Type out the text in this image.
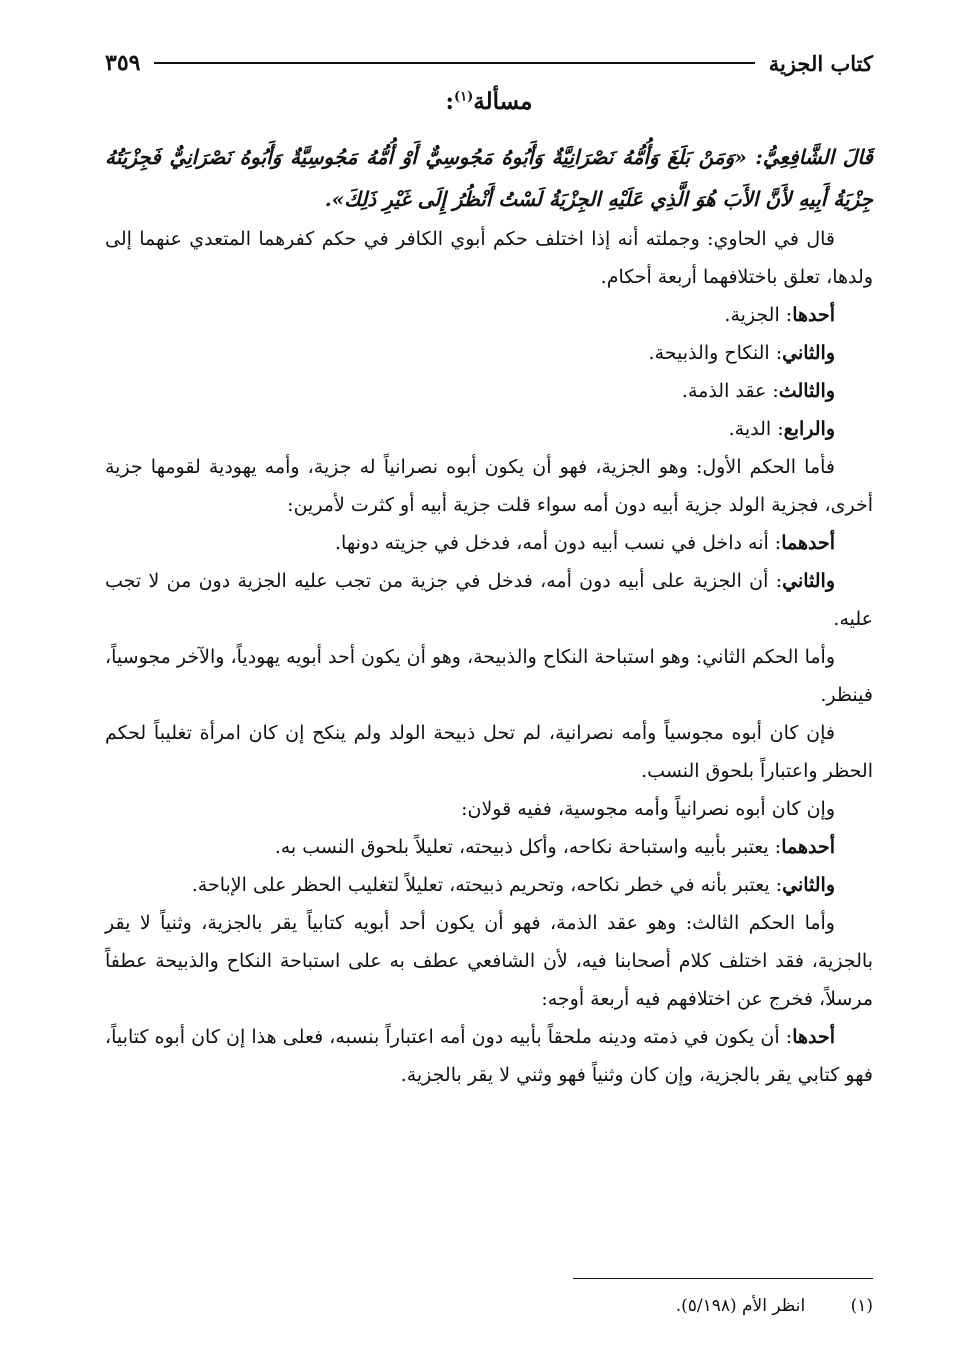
كتاب الجزية
٣٥٩
مسألة$^{(١)}$:

قَالَ الشَّافِعِيُّ: «وَمَنْ بَلَغَ وَأُمُّهُ نَصْرَانِيَّةٌ وَأَبُوهُ مَجُوسِيٌّ أَوْ أُمُّهُ مَجُوسِيَّةٌ وَأَبُوهُ نَصْرَانِيٌّ فَجِزْيَتُهُ جِزْيَةُ أَبِيهِ لأَنَّ الأَبَ هُوَ الَّذِي عَلَيْهِ الجِزْيَةُ لَسْتُ أَنْظُرُ إِلَى غَيْرِ ذَلِكَ».

قال في الحاوي: وجملته أنه إذا اختلف حكم أبوي الكافر في حكم كفرهما المتعدي عنهما إلى ولدها، تعلق باختلافهما أربعة أحكام.

أحدها: الجزية.

والثاني: النكاح والذبيحة.

والثالث: عقد الذمة.

والرابع: الدية.

فأما الحكم الأول: وهو الجزية، فهو أن يكون أبوه نصرانياً له جزية، وأمه يهودية لقومها جزية أخرى، فجزية الولد جزية أبيه دون أمه سواء قلت جزية أبيه أو كثرت لأمرين:

أحدهما: أنه داخل في نسب أبيه دون أمه، فدخل في جزيته دونها.

والثاني: أن الجزية على أبيه دون أمه، فدخل في جزية من تجب عليه الجزية دون من لا تجب عليه.

وأما الحكم الثاني: وهو استباحة النكاح والذبيحة، وهو أن يكون أحد أبويه يهودياً، والآخر مجوسياً، فينظر.

فإن كان أبوه مجوسياً وأمه نصرانية، لم تحل ذبيحة الولد ولم ينكح إن كان امرأة تغليباً لحكم الحظر واعتباراً بلحوق النسب.

وإن كان أبوه نصرانياً وأمه مجوسية، ففيه قولان:

أحدهما: يعتبر بأبيه واستباحة نكاحه، وأكل ذبيحته، تعليلاً بلحوق النسب به.

والثاني: يعتبر بأنه في خطر نكاحه، وتحريم ذبيحته، تعليلاً لتغليب الحظر على الإباحة.

وأما الحكم الثالث: وهو عقد الذمة، فهو أن يكون أحد أبويه كتابياً يقر بالجزية، وثنياً لا يقر بالجزية، فقد اختلف كلام أصحابنا فيه، لأن الشافعي عطف به على استباحة النكاح والذبيحة عطفاً مرسلاً، فخرج عن اختلافهم فيه أربعة أوجه:

أحدها: أن يكون في ذمته ودينه ملحقاً بأبيه دون أمه اعتباراً بنسبه، فعلى هذا إن كان أبوه كتابياً، فهو كتابي يقر بالجزية، وإن كان وثنياً فهو وثني لا يقر بالجزية.

(١) انظر الأم (٥/١٩٨).
